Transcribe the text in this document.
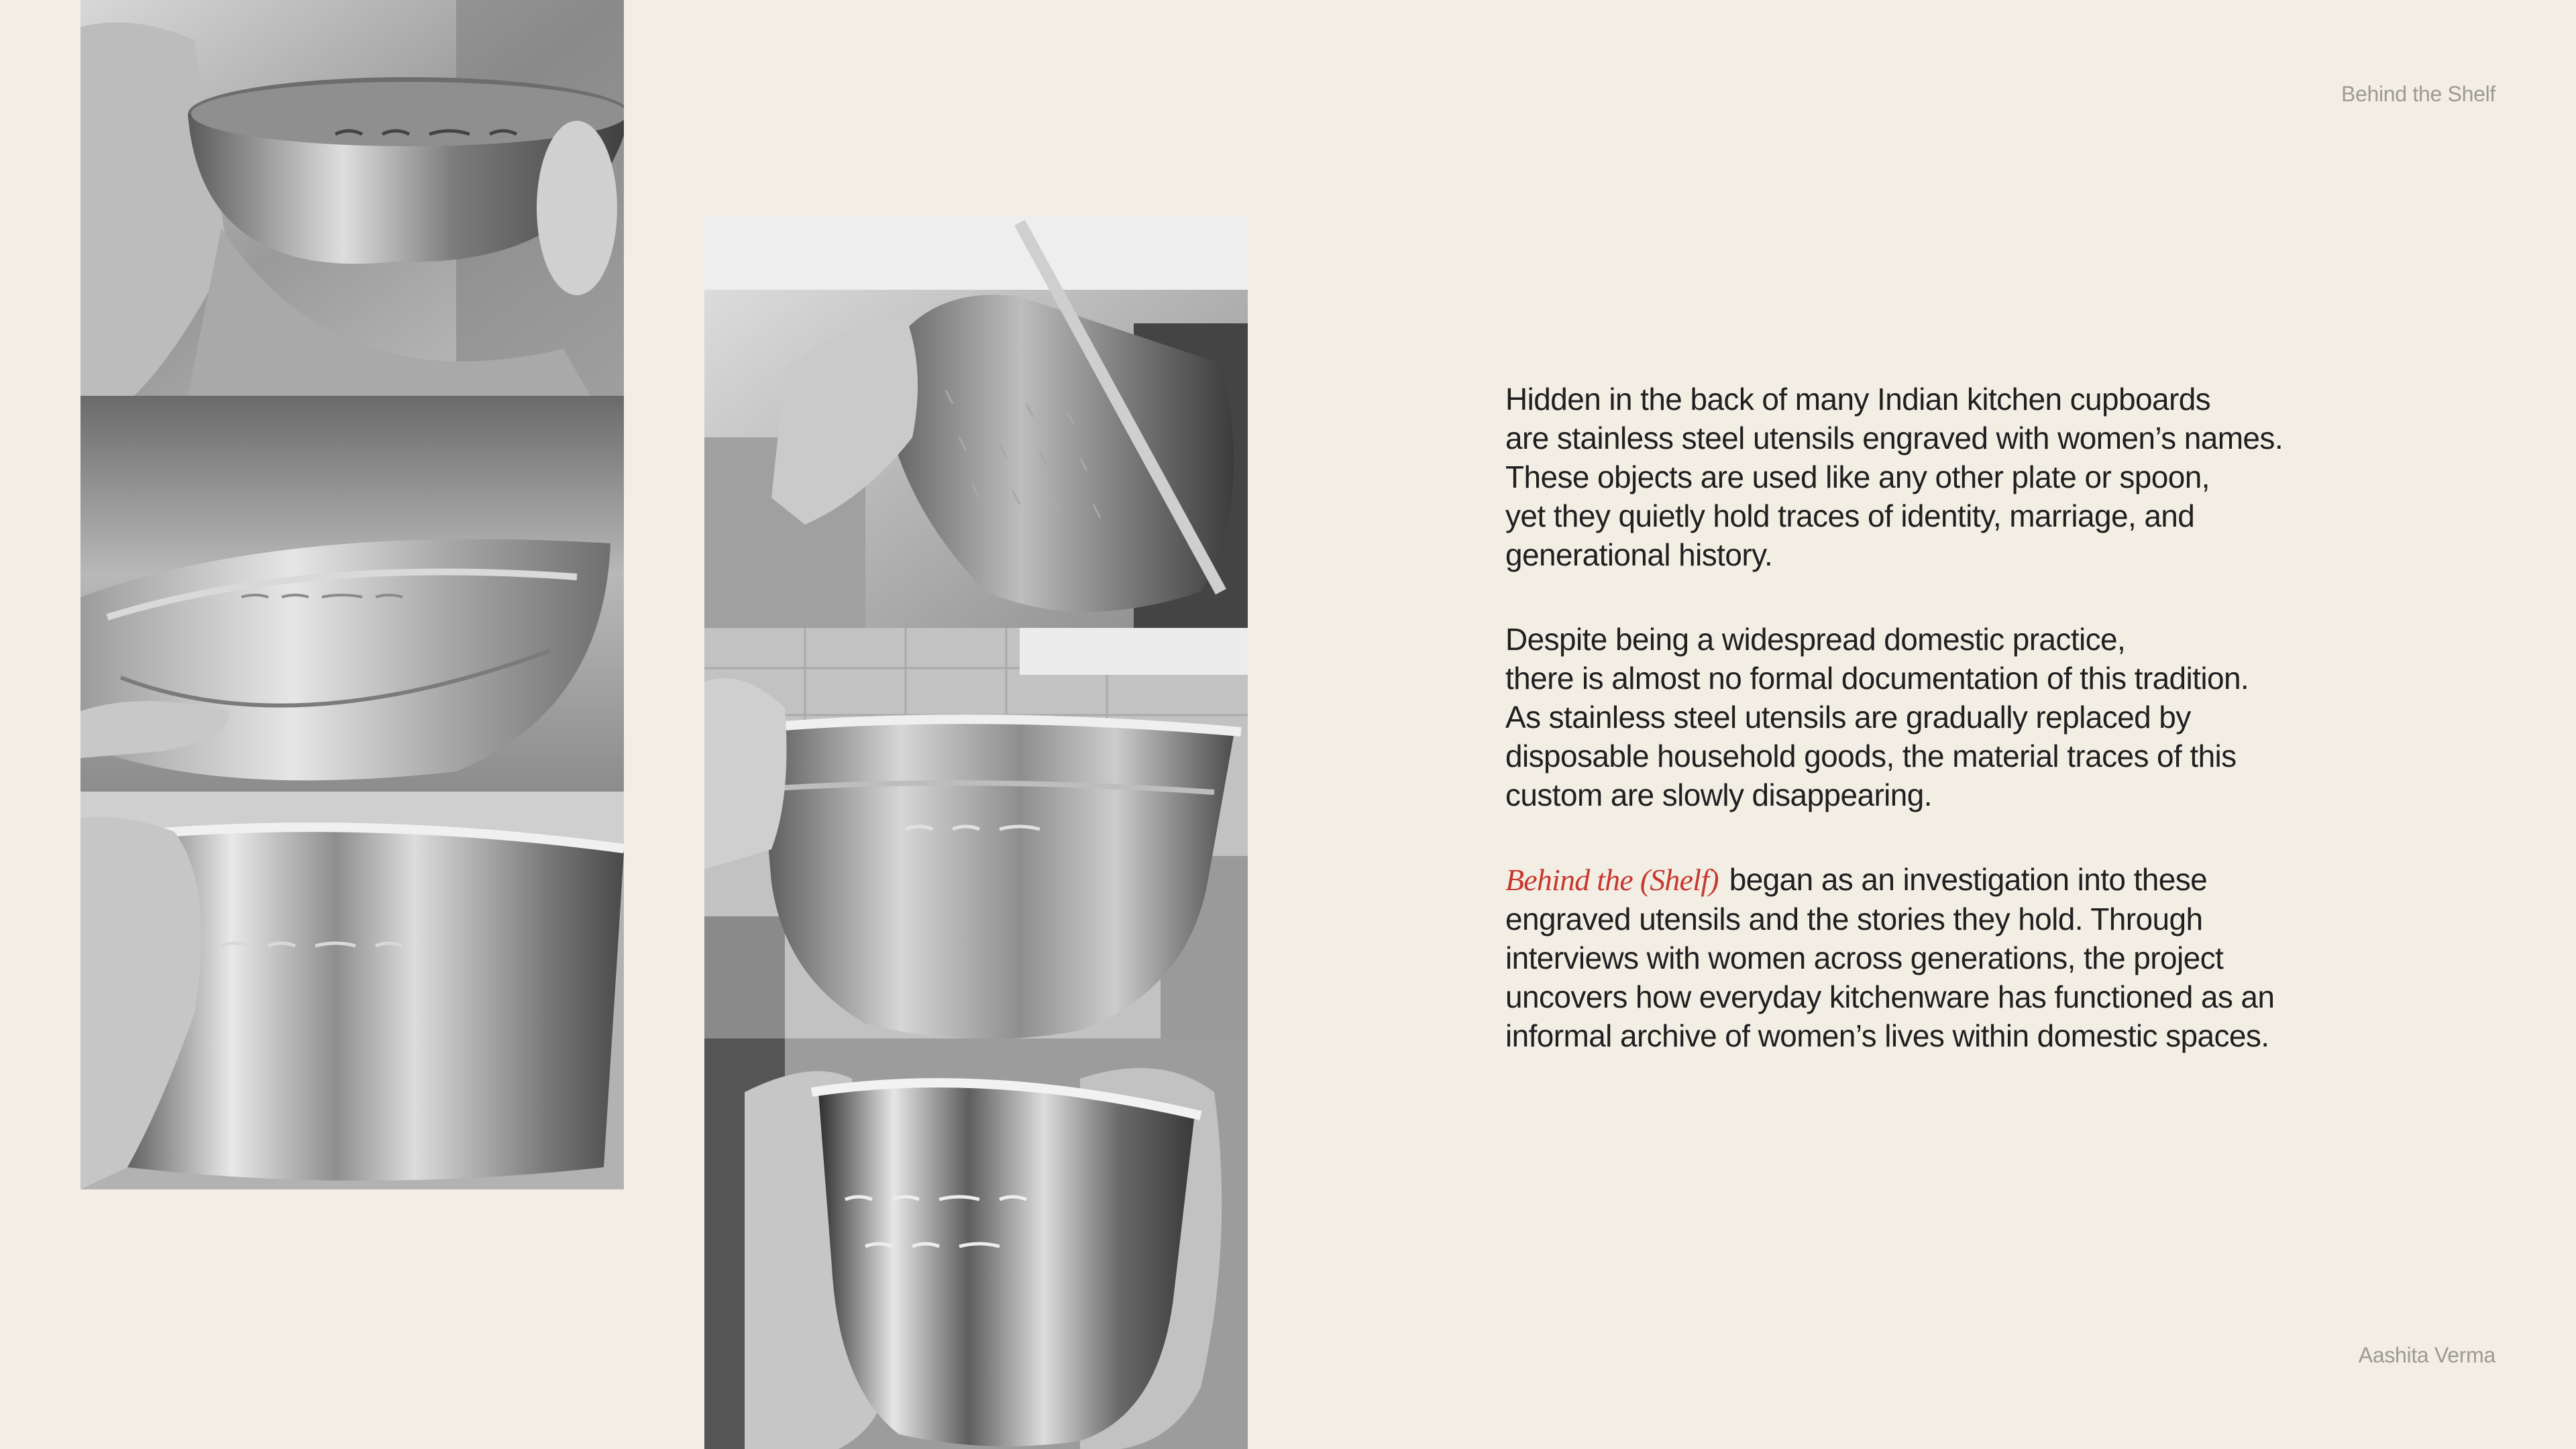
Behind the Shelf

Hidden in the back of many Indian kitchen cupboards
are stainless steel utensils engraved with women’s names.
These objects are used like any other plate or spoon,
yet they quietly hold traces of identity, marriage, and
generational history.

Despite being a widespread domestic practice,
there is almost no formal documentation of this tradition.
As stainless steel utensils are gradually replaced by
disposable household goods, the material traces of this
custom are slowly disappearing.

Behind the (Shelf) began as an investigation into these
engraved utensils and the stories they hold. Through
interviews with women across generations, the project
uncovers how everyday kitchenware has functioned as an
informal archive of women’s lives within domestic spaces.

Aashita Verma
